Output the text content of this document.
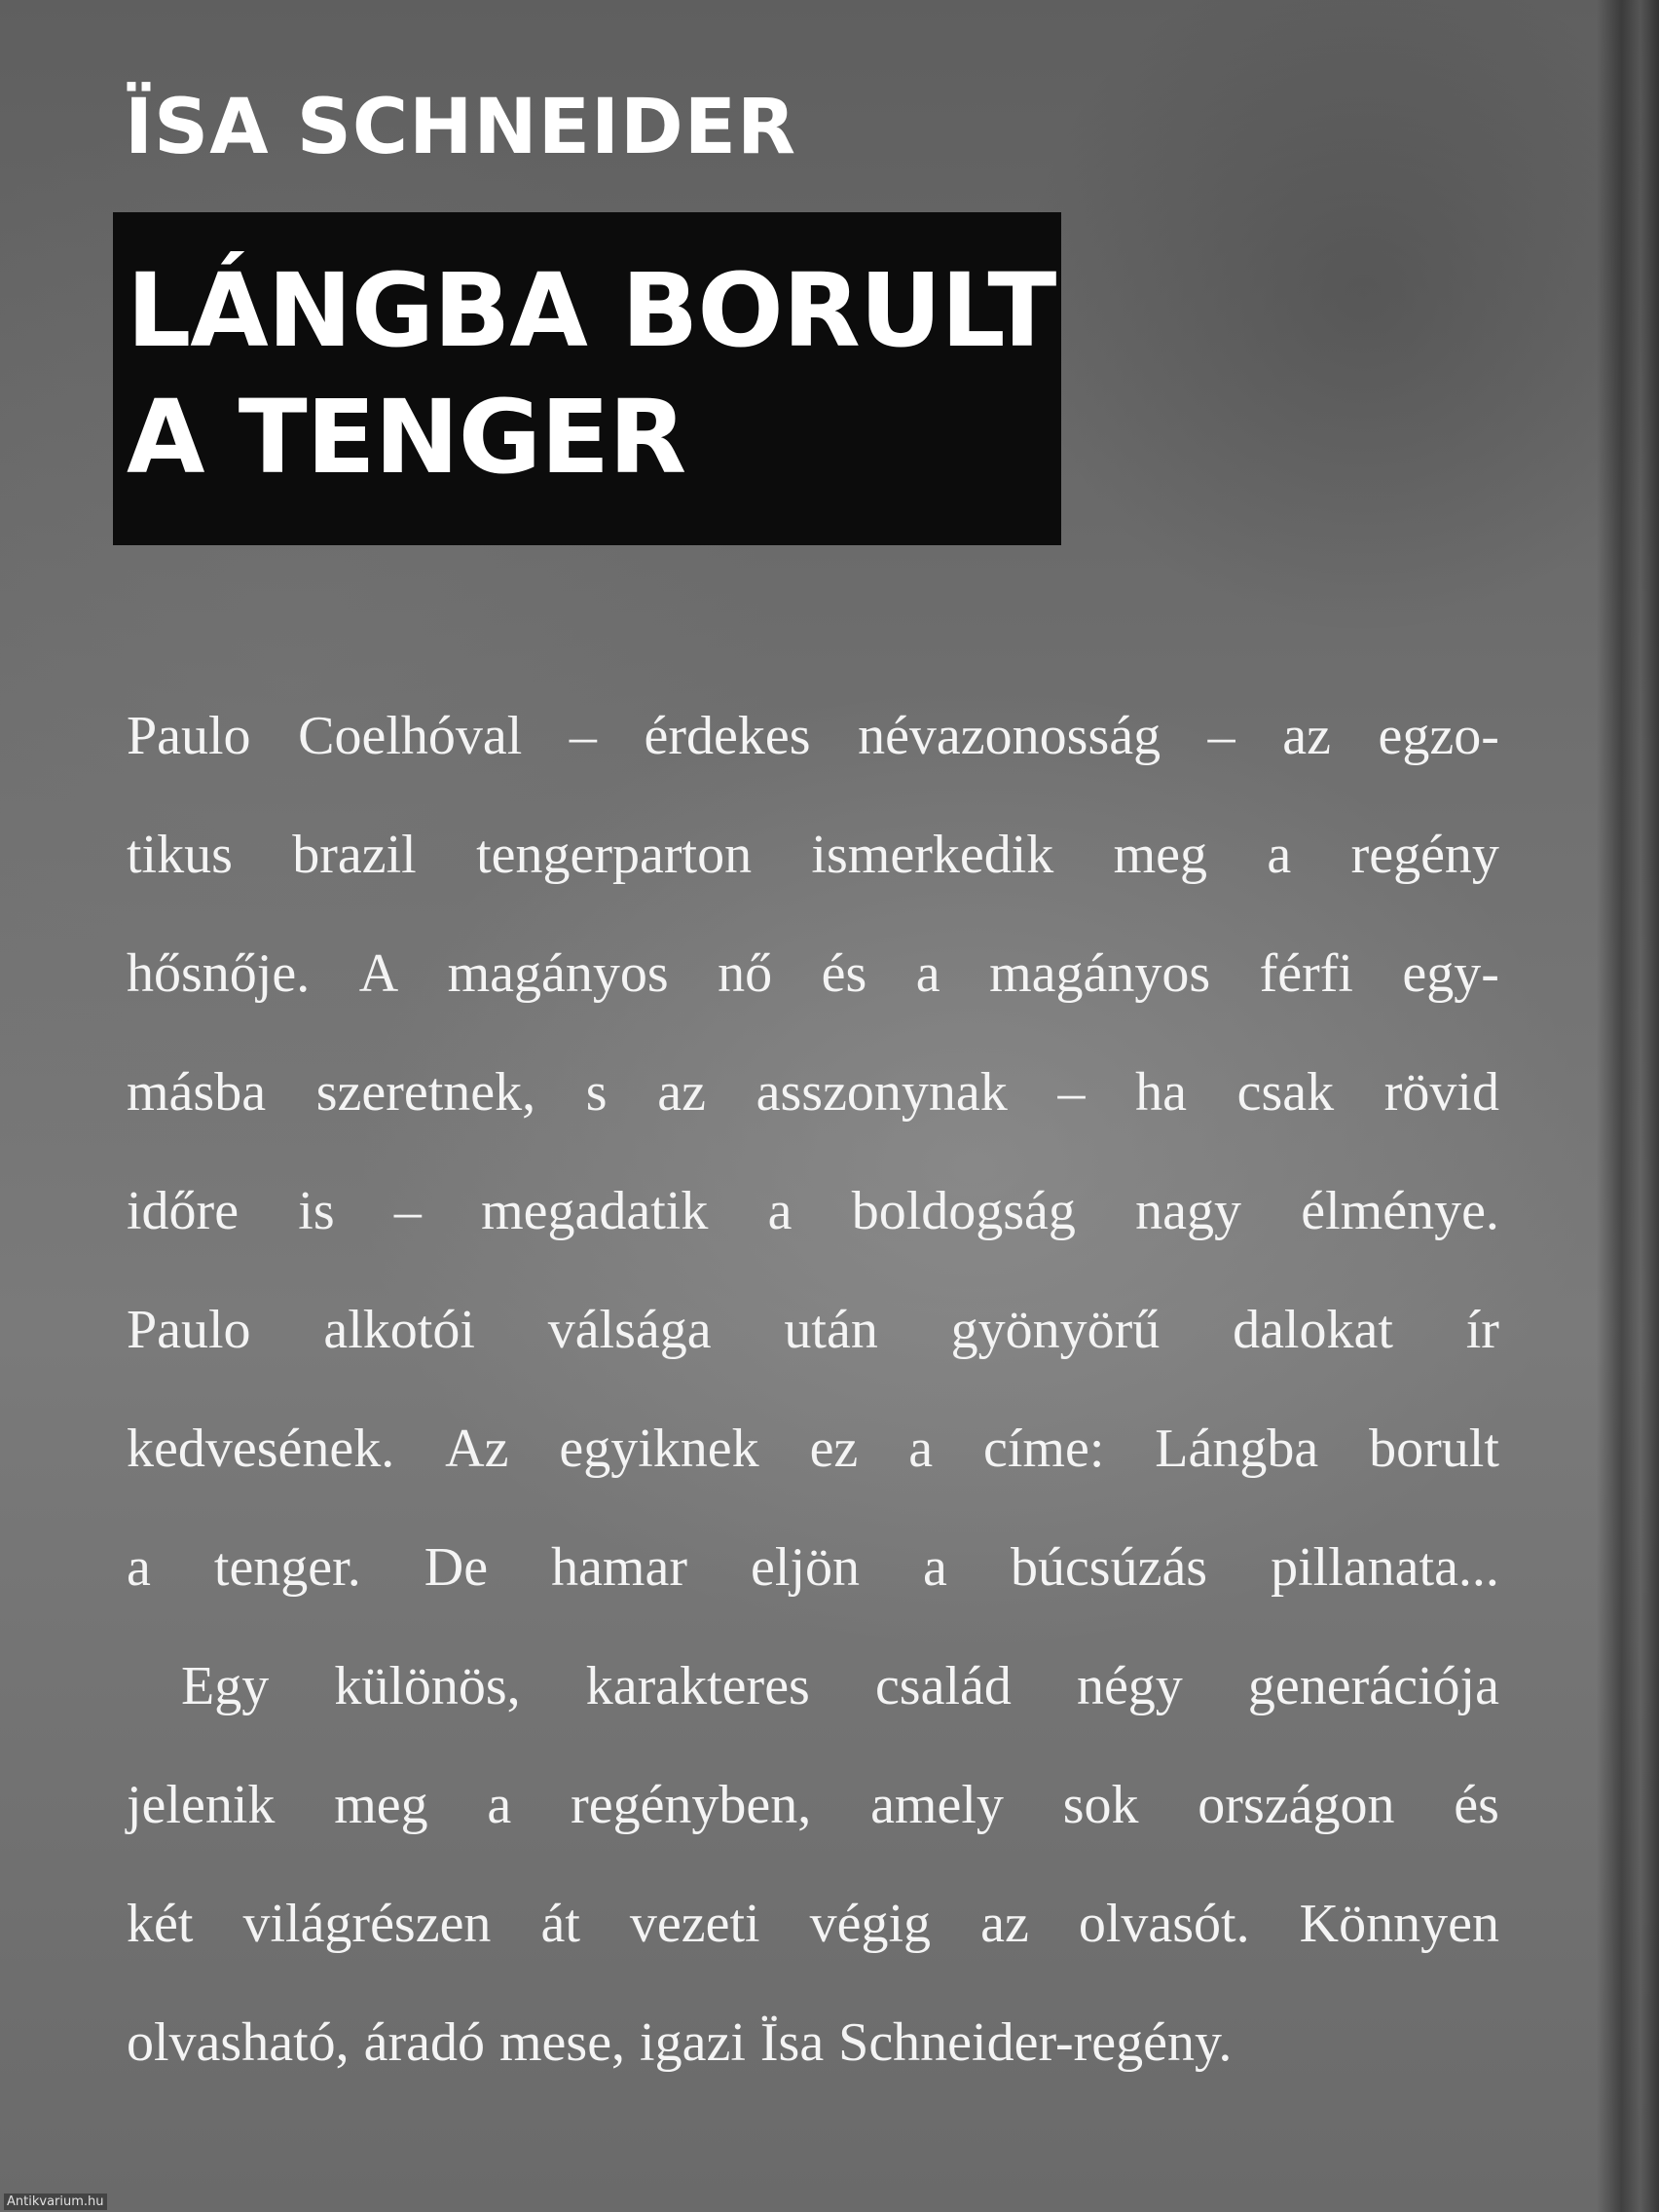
ÏSA SCHNEIDER
LÁNGBA BORULT
A TENGER
Paulo Coelhóval – érdekes névazonosság – az egzo-
tikus brazil tengerparton ismerkedik meg a regény
hősnője. A magányos nő és a magányos férfi egy-
másba szeretnek, s az asszonynak – ha csak rövid
időre is – megadatik a boldogság nagy élménye.
Paulo alkotói válsága után gyönyörű dalokat ír
kedvesének. Az egyiknek ez a címe: Lángba borult
a tenger. De hamar eljön a búcsúzás pillanata...
Egy különös, karakteres család négy generációja
jelenik meg a regényben, amely sok országon és
két világrészen át vezeti végig az olvasót. Könnyen
olvasható, áradó mese, igazi Ïsa Schneider-regény.
Antikvarium.hu
